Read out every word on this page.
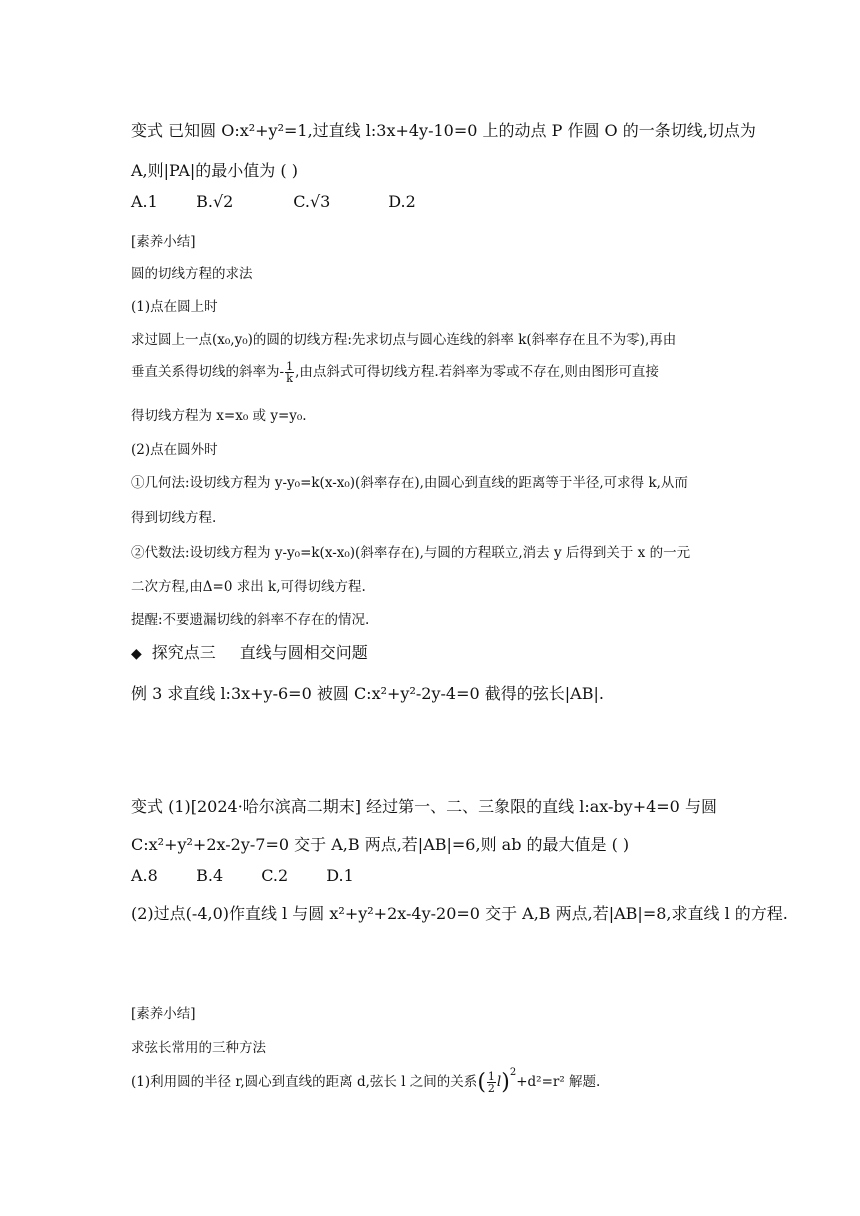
变式 已知圆 O:x²+y²=1,过直线 l:3x+4y-10=0 上的动点 P 作圆 O 的一条切线,切点为
A,则|PA|的最小值为 ( )
A.1 B.√2	C.√3	D.2
[素养小结]
圆的切线方程的求法
(1)点在圆上时
求过圆上一点(x₀,y₀)的圆的切线方程:先求切点与圆心连线的斜率 k(斜率存在且不为零),再由
垂直关系得切线的斜率为- $\frac{1}{k}$ ,由点斜式可得切线方程.若斜率为零或不存在,则由图形可直接
得切线方程为 x=x₀ 或 y=y₀.
(2)点在圆外时
①几何法:设切线方程为 y-y₀=k(x-x₀)(斜率存在),由圆心到直线的距离等于半径,可求得 k,从而
得到切线方程.
②代数法:设切线方程为 y-y₀=k(x-x₀)(斜率存在),与圆的方程联立,消去 y 后得到关于 x 的一元
二次方程,由Δ=0 求出 k,可得切线方程.
提醒:不要遗漏切线的斜率不存在的情况.
◆ 探究点三 直线与圆相交问题
例 3 求直线 l:3x+y-6=0 被圆 C:x²+y²-2y-4=0 截得的弦长|AB|.
变式 (1)[2024·哈尔滨高二期末] 经过第一、二、三象限的直线 l:ax-by+4=0 与圆
C:x²+y²+2x-2y-7=0 交于 A,B 两点,若|AB|=6,则 ab 的最大值是 ( )
A.8 B.4 C.2 D.1
(2)过点(-4,0)作直线 l 与圆 x²+y²+2x-4y-20=0 交于 A,B 两点,若|AB|=8,求直线 l 的方程.
[素养小结]
求弦长常用的三种方法
(1)利用圆的半径 r,圆心到直线的距离 d,弦长 l 之间的关系( $\frac{1}{2} l)^2+d^2=r^2$ 解题.
